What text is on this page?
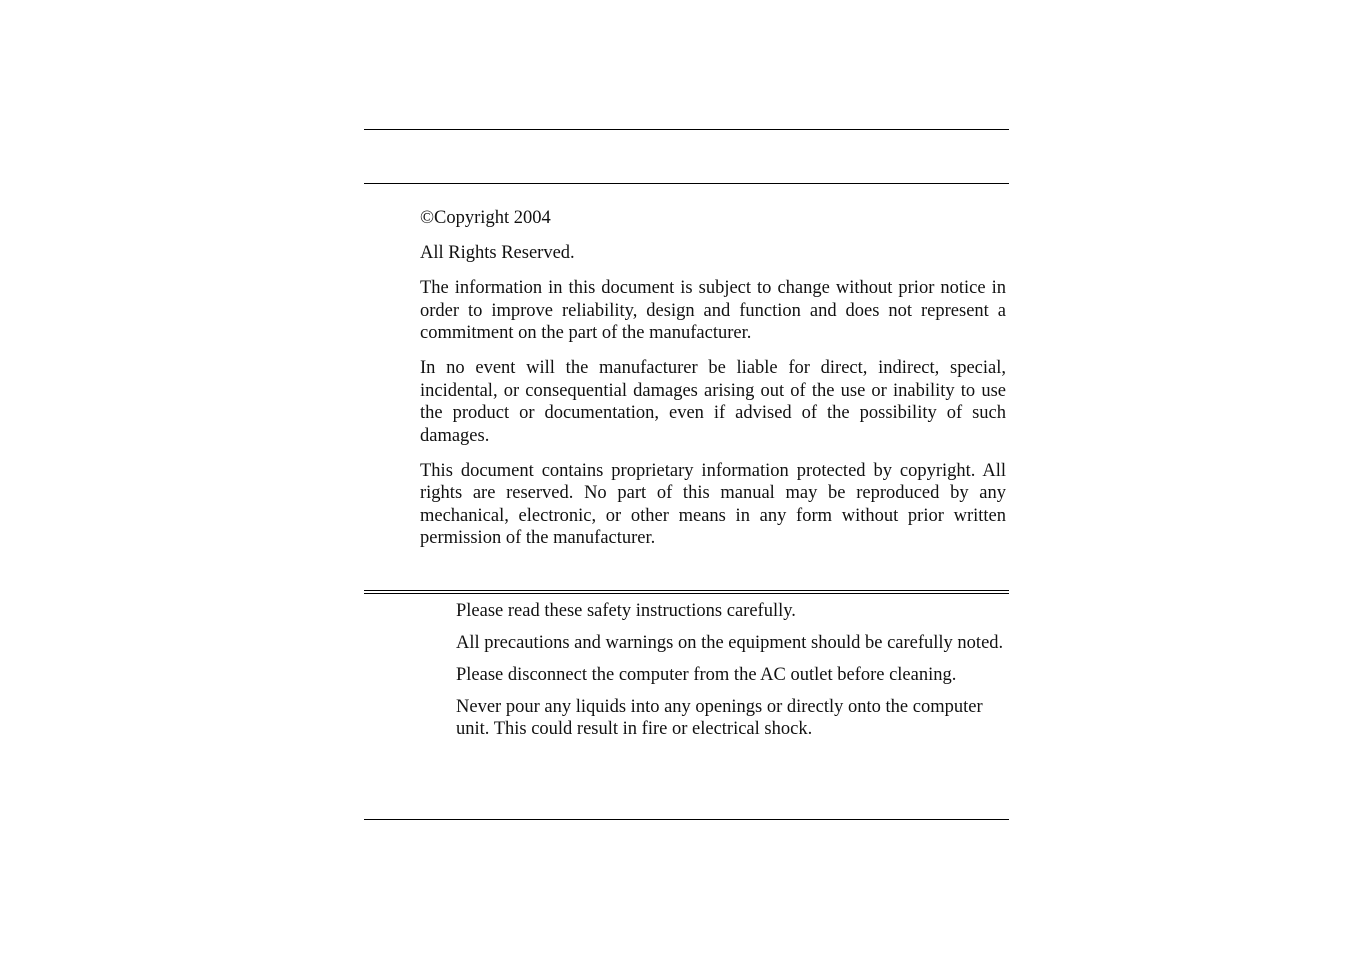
©Copyright 2004

All Rights Reserved.

The information in this document is subject to change without prior notice in order to improve reliability, design and function and does not represent a commitment on the part of the manufacturer.

In no event will the manufacturer be liable for direct, indirect, special, incidental, or consequential damages arising out of the use or inability to use the product or documentation, even if advised of the possibility of such damages.

This document contains proprietary information protected by copyright. All rights are reserved. No part of this manual may be reproduced by any mechanical, electronic, or other means in any form without prior written permission of the manufacturer.

Please read these safety instructions carefully.

All precautions and warnings on the equipment should be carefully noted.

Please disconnect the computer from the AC outlet before cleaning.

Never pour any liquids into any openings or directly onto the computer unit. This could result in fire or electrical shock.
